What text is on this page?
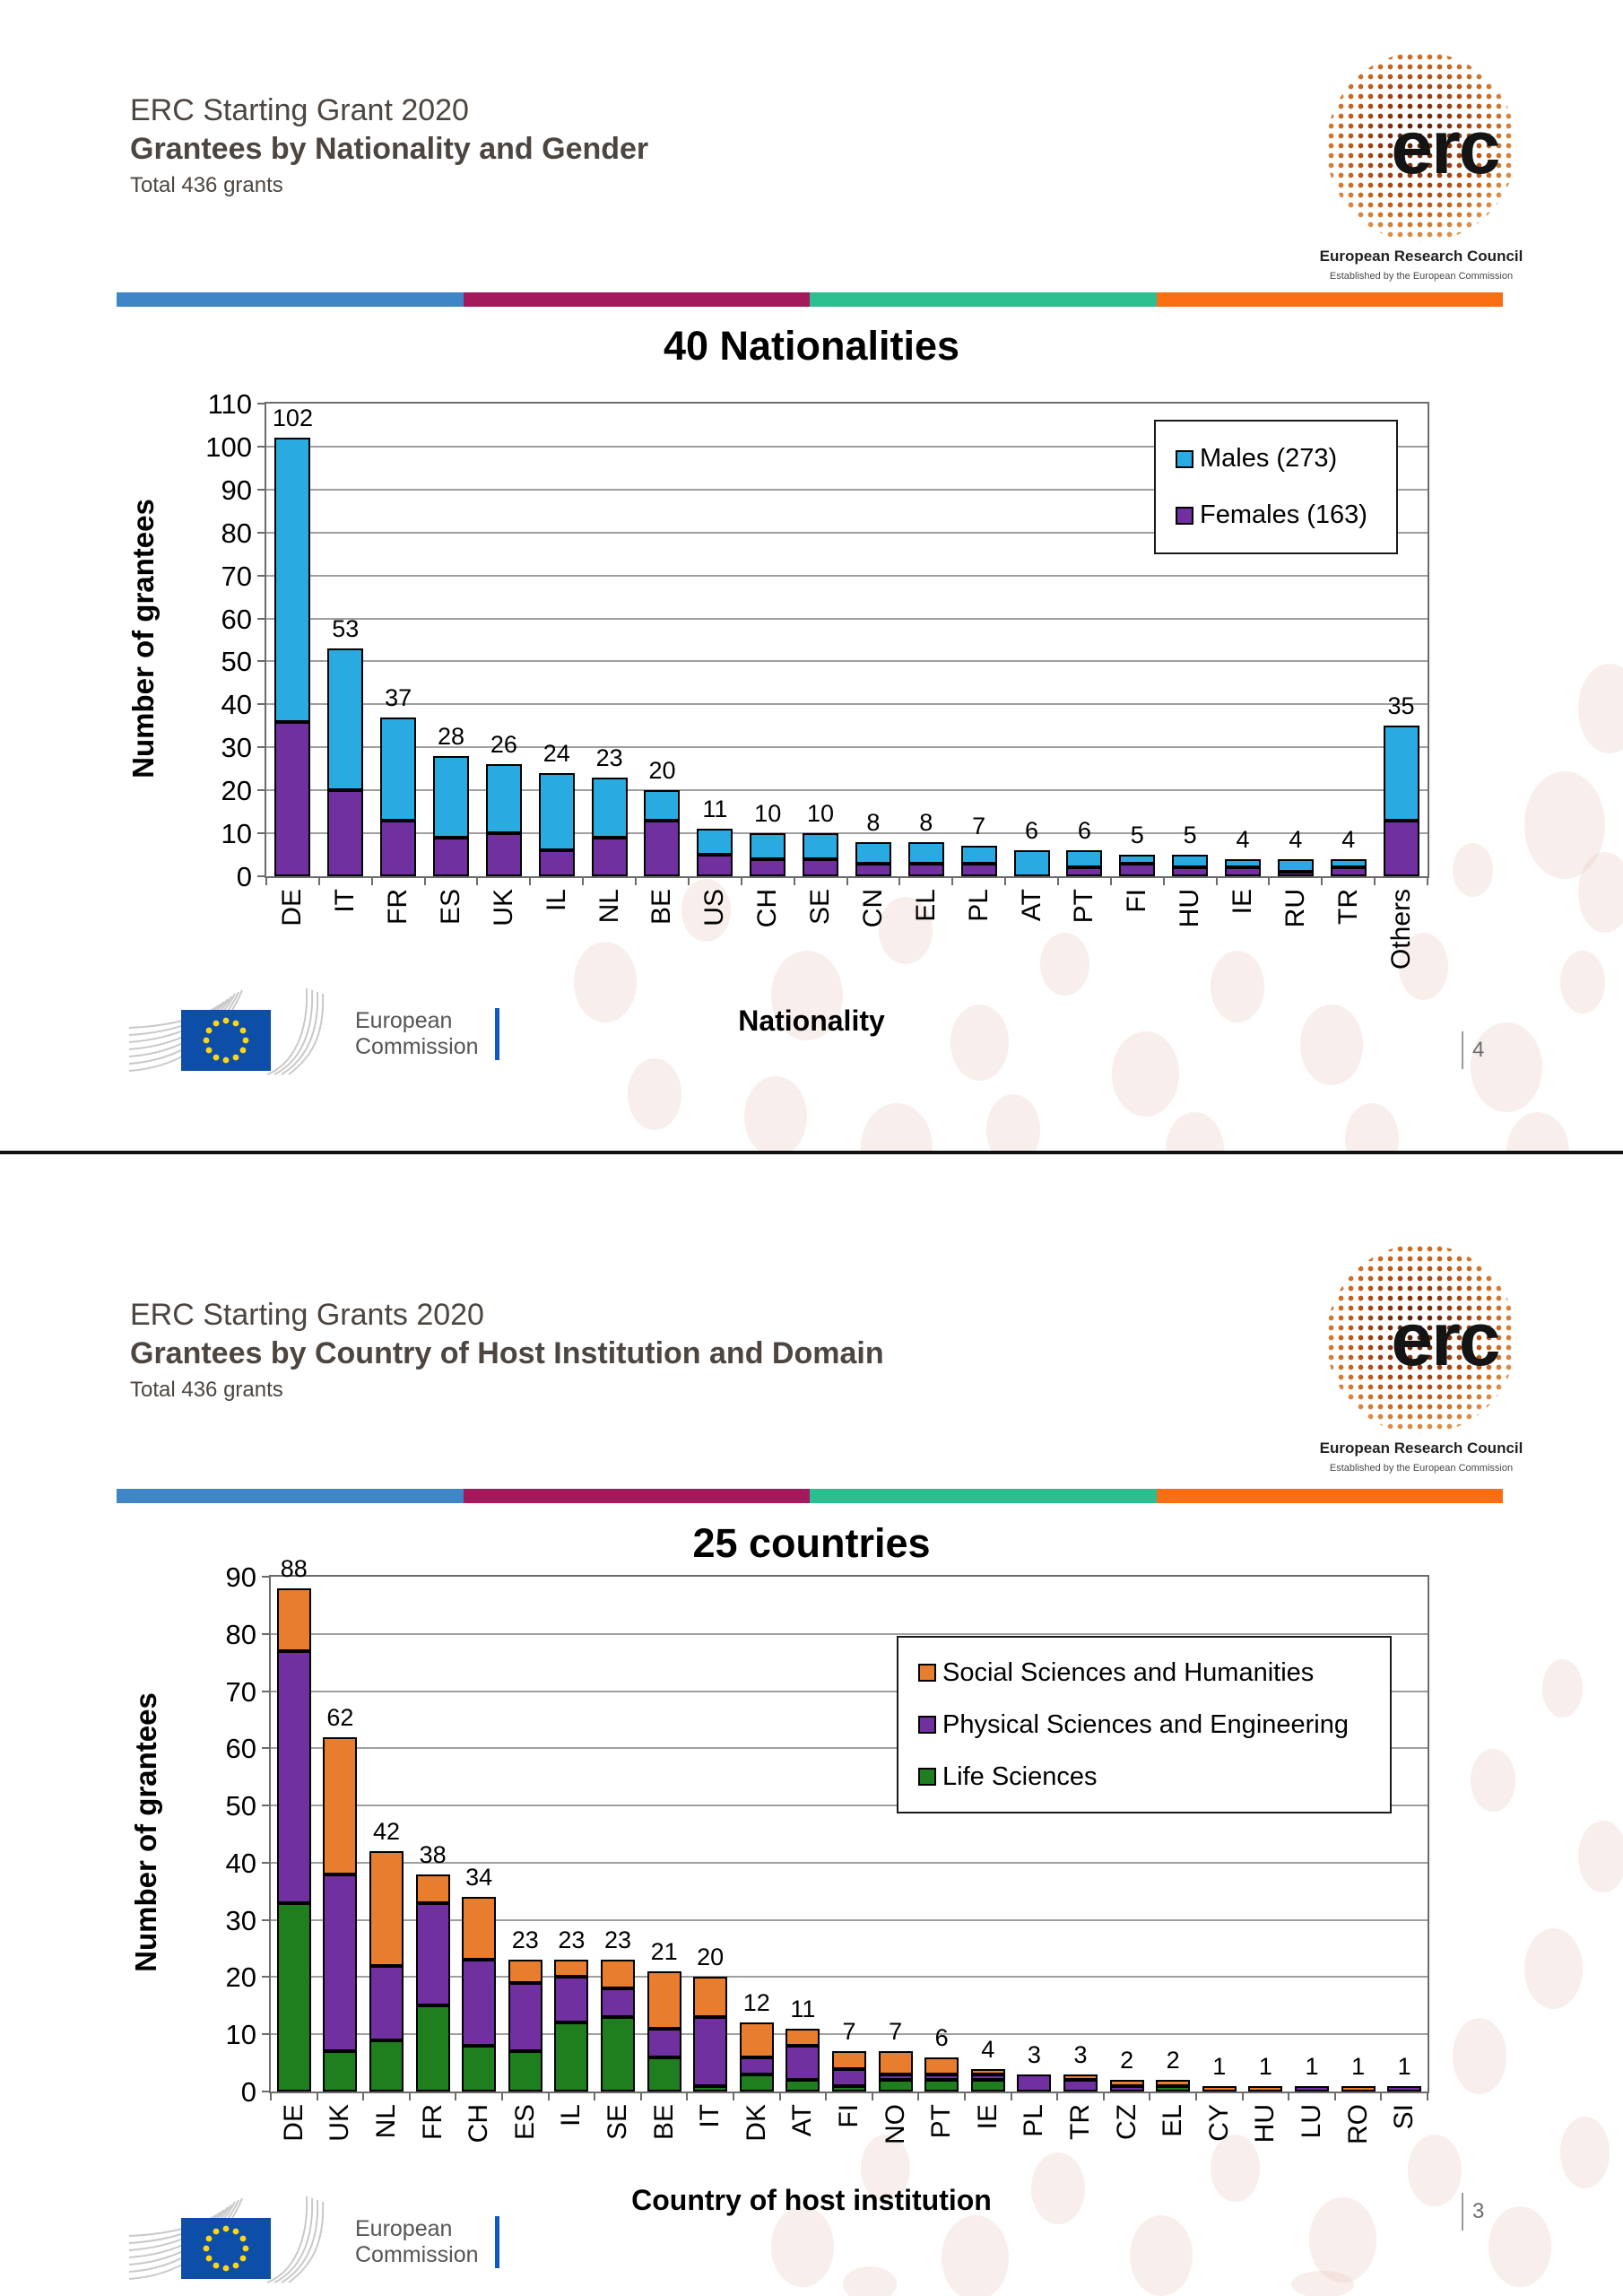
ERC Starting Grant 2020
Grantees by Nationality and Gender
Total 436 grants	erc
European Research Council
Established by the European Commission
40 Nationalities
Number of grantees
0
10
20
30
40
50
60
70
80
90
100
110 102
DE
53
IT
37
FR
28
ES
26
UK
24
IL
23
NL
20
BE
11
US
10
CH
10
SE
8
CN
8
EL
7
PL
6
AT
6
PT
5
FI
5
HU
4
IE
4
RU
4
TR
35
Others
Males (273)
Females (163)
Nationality
European
Commission	4
ERC Starting Grants 2020
Grantees by Country of Host Institution and Domain
Total 436 grants
erc
European Research Council
Established by the European Commission
25 countries
Number of grantees
0
10
20
30
40
50
60
70
80
90 88
DE
62
UK
42
NL
38
FR
34
CH
23
ES
23
IL
23
SE
21
BE
20
IT
12
DK
11
AT
7
FI
7
NO
6
PT
4
IE
3
PL
3
TR
2
CZ
2
EL
1
CY
1
HU
1
LU
1
RO
1
SI
Social Sciences and Humanities
Physical Sciences and Engineering
Life Sciences
Country of host institution
European
Commission
3
